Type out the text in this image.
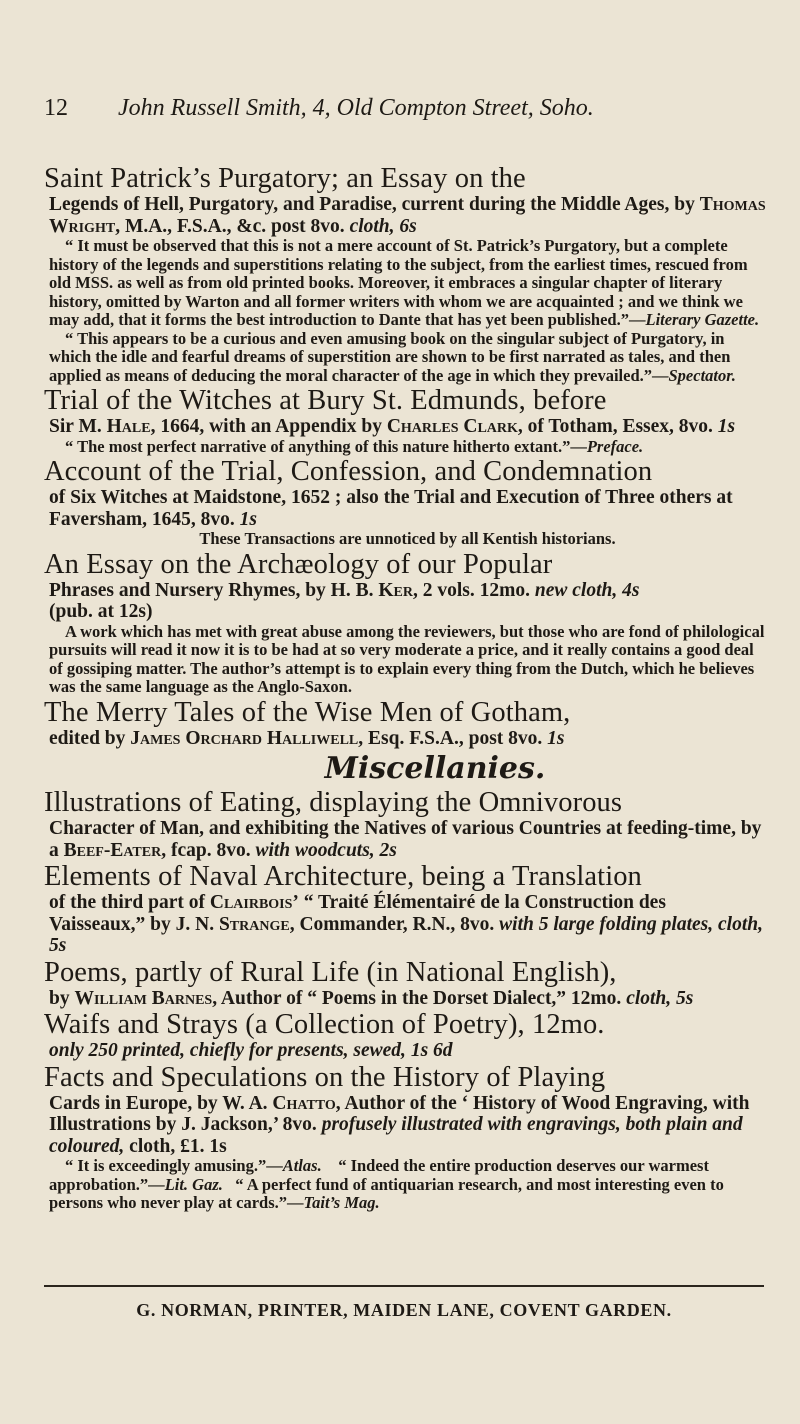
12 John Russell Smith, 4, Old Compton Street, Soho.
Saint Patrick’s Purgatory; an Essay on the
Legends of Hell, Purgatory, and Paradise, current during the Middle Ages, by Thomas Wright, M.A., F.S.A., &c. post 8vo. cloth, 6s

“ It must be observed that this is not a mere account of St. Patrick’s Purgatory, but a complete history of the legends and superstitions relating to the subject, from the earliest times, rescued from old MSS. as well as from old printed books. Moreover, it embraces a singular chapter of literary history, omitted by Warton and all former writers with whom we are acquainted ; and we think we may add, that it forms the best introduction to Dante that has yet been published.”—Literary Gazette.

“ This appears to be a curious and even amusing book on the singular subject of Purgatory, in which the idle and fearful dreams of superstition are shown to be first narrated as tales, and then applied as means of deducing the moral character of the age in which they prevailed.”—Spectator.

Trial of the Witches at Bury St. Edmunds, before
Sir M. Hale, 1664, with an Appendix by Charles Clark, of Totham, Essex, 8vo. 1s

“ The most perfect narrative of anything of this nature hitherto extant.”—Preface.

Account of the Trial, Confession, and Condemnation
of Six Witches at Maidstone, 1652 ; also the Trial and Execution of Three others at Faversham, 1645, 8vo. 1s

These Transactions are unnoticed by all Kentish historians.

An Essay on the Archæology of our Popular
Phrases and Nursery Rhymes, by H. B. Ker, 2 vols. 12mo. new cloth, 4s
(pub. at 12s)

A work which has met with great abuse among the reviewers, but those who are fond of philological pursuits will read it now it is to be had at so very moderate a price, and it really contains a good deal of gossiping matter. The author’s attempt is to explain every thing from the Dutch, which he believes was the same language as the Anglo-Saxon.

The Merry Tales of the Wise Men of Gotham,
edited by James Orchard Halliwell, Esq. F.S.A., post 8vo. 1s
Miscellanies.
Illustrations of Eating, displaying the Omnivorous
Character of Man, and exhibiting the Natives of various Countries at feeding-time, by a Beef-Eater, fcap. 8vo. with woodcuts, 2s
Elements of Naval Architecture, being a Translation
of the third part of Clairbois’ “ Traité Élémentairé de la Construction des Vaisseaux,” by J. N. Strange, Commander, R.N., 8vo. with 5 large folding plates, cloth, 5s
Poems, partly of Rural Life (in National English),
by William Barnes, Author of “ Poems in the Dorset Dialect,” 12mo. cloth, 5s
Waifs and Strays (a Collection of Poetry), 12mo.
only 250 printed, chiefly for presents, sewed, 1s 6d
Facts and Speculations on the History of Playing
Cards in Europe, by W. A. Chatto, Author of the ‘ History of Wood Engraving, with Illustrations by J. Jackson,’ 8vo. profusely illustrated with engravings, both plain and coloured, cloth, £1. 1s

“ It is exceedingly amusing.”—Atlas. “ Indeed the entire production deserves our warmest approbation.”—Lit. Gaz. “ A perfect fund of antiquarian research, and most interesting even to persons who never play at cards.”—Tait’s Mag.

G. NORMAN, PRINTER, MAIDEN LANE, COVENT GARDEN.
